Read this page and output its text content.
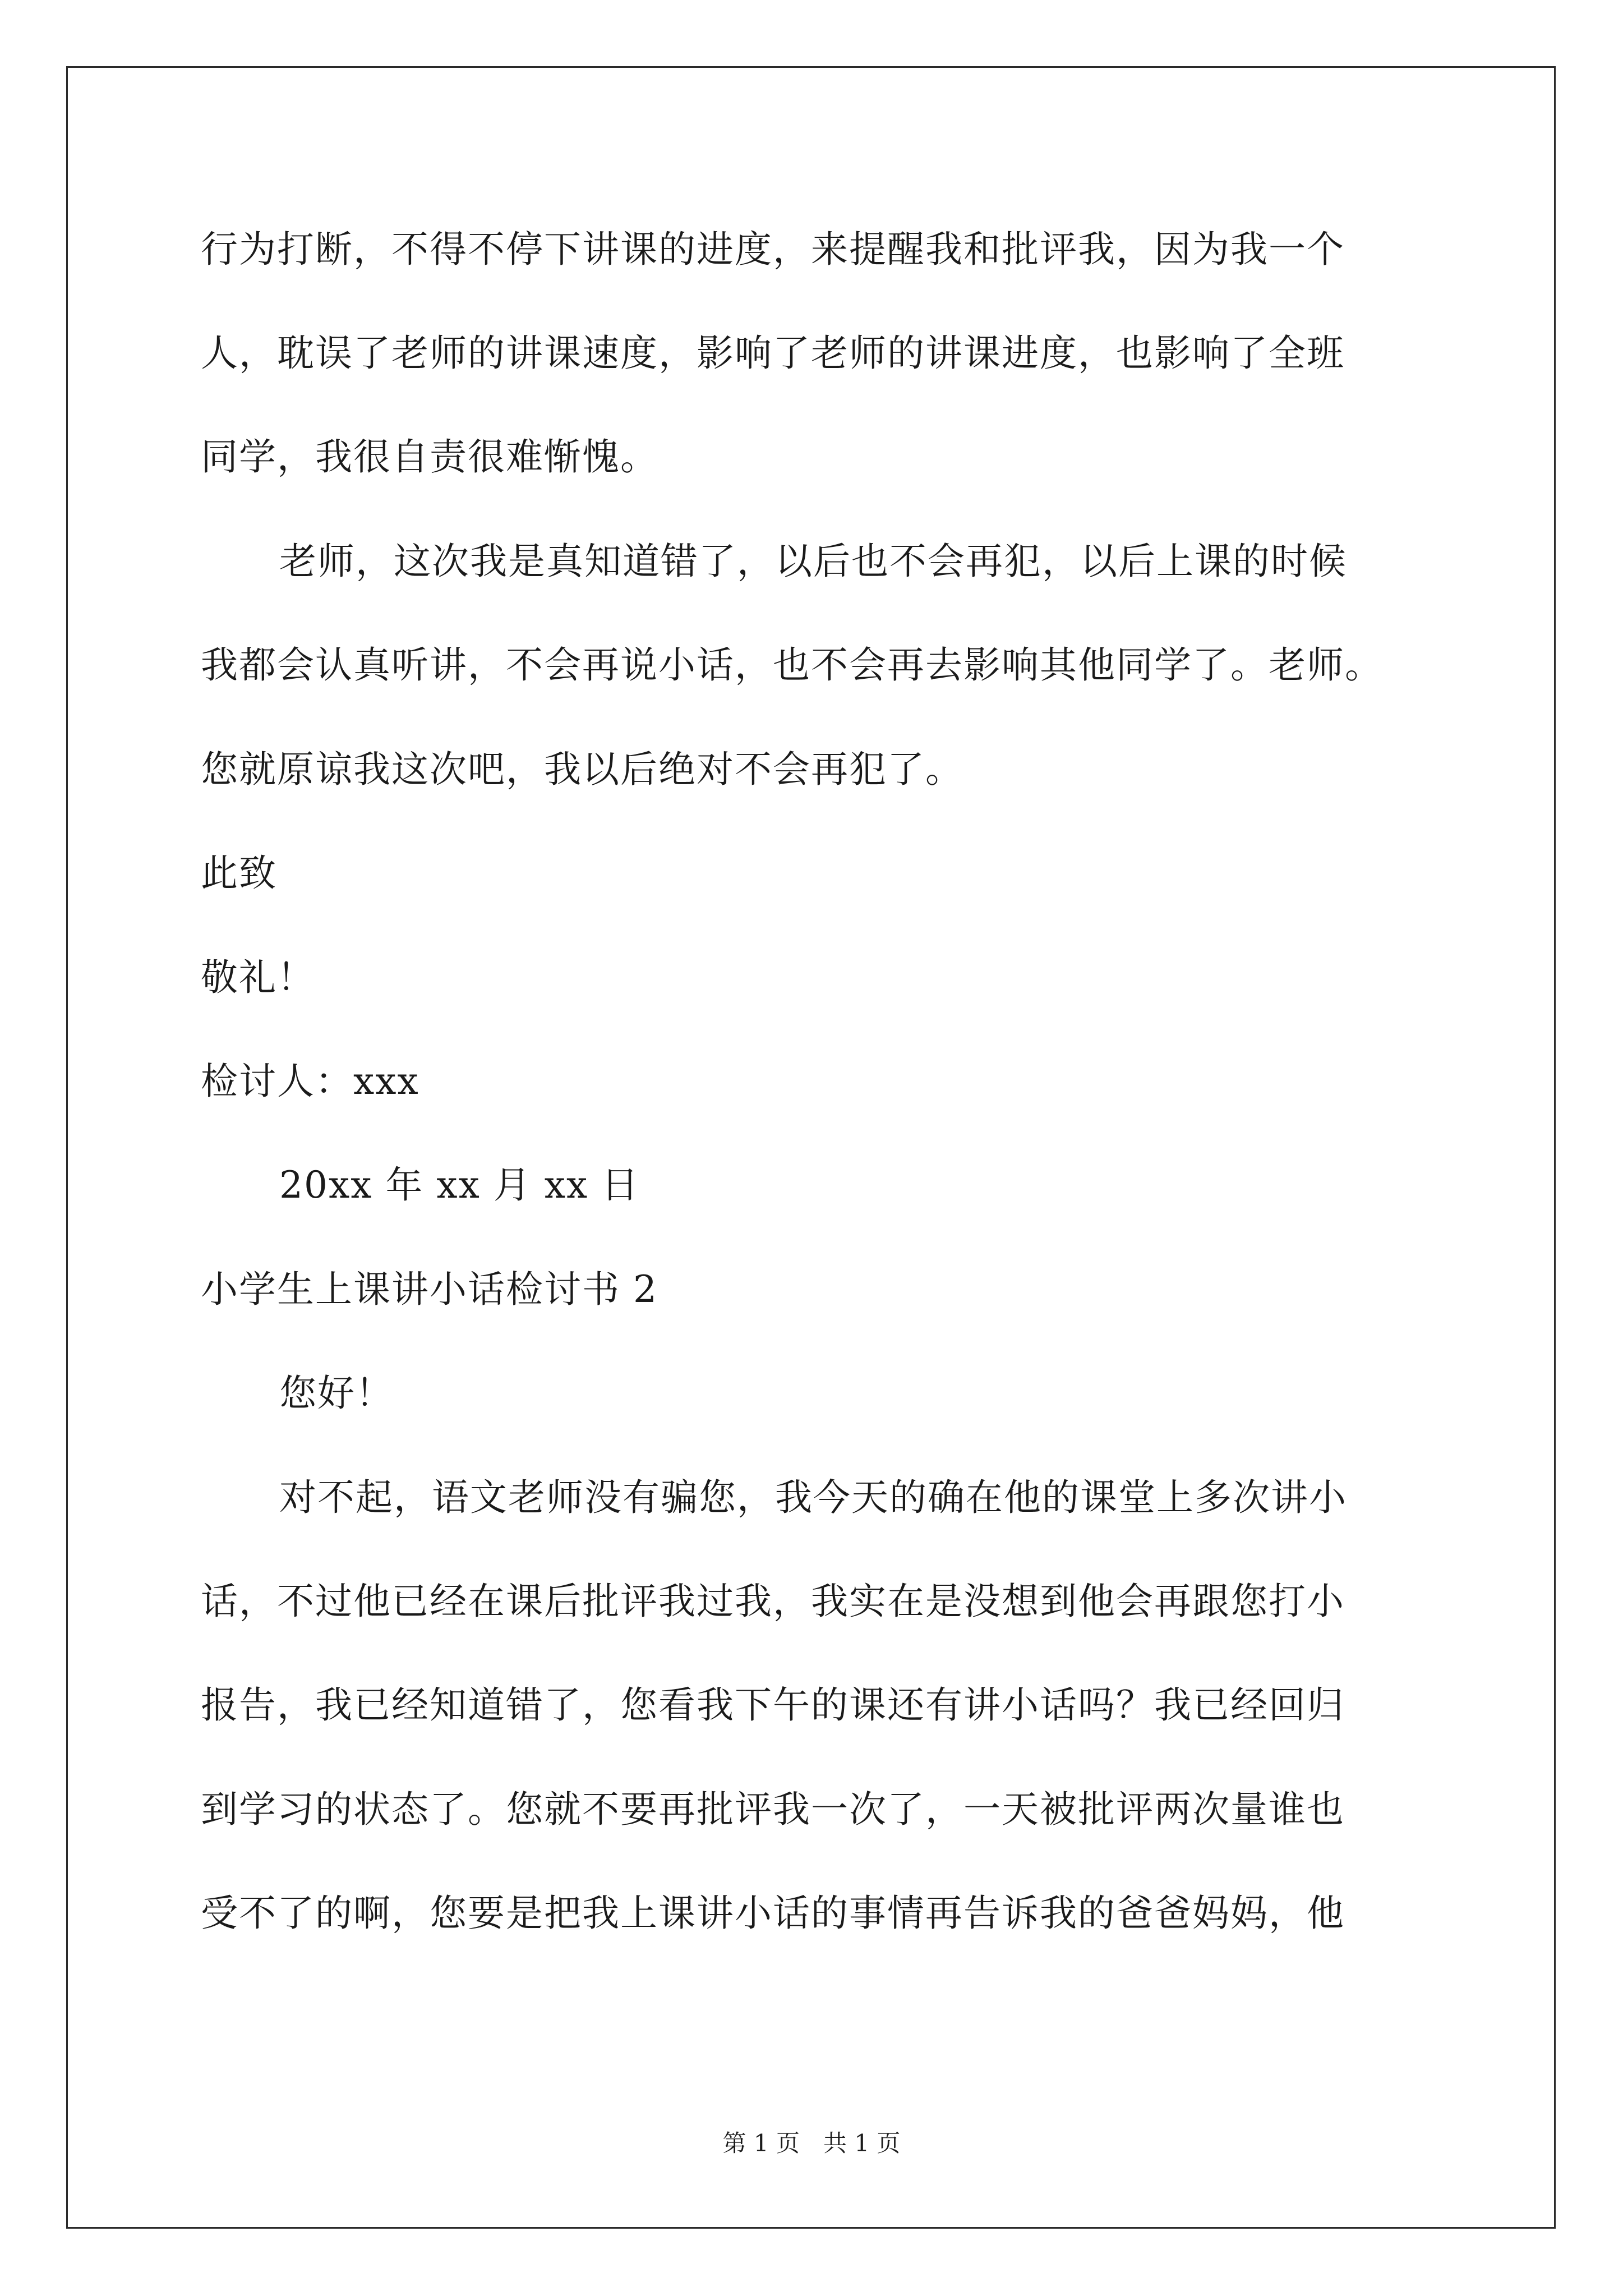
行为打断，不得不停下讲课的进度，来提醒我和批评我，因为我一个
人，耽误了老师的讲课速度，影响了老师的讲课进度，也影响了全班
同学，我很自责很难惭愧。
老师，这次我是真知道错了，以后也不会再犯，以后上课的时候
我都会认真听讲，不会再说小话，也不会再去影响其他同学了。老师。
您就原谅我这次吧，我以后绝对不会再犯了。
此致
敬礼！
检讨人：xxx
20xx 年 xx 月 xx 日
小学生上课讲小话检讨书 2
您好！
对不起，语文老师没有骗您，我今天的确在他的课堂上多次讲小
话，不过他已经在课后批评我过我，我实在是没想到他会再跟您打小
报告，我已经知道错了，您看我下午的课还有讲小话吗？我已经回归
到学习的状态了。您就不要再批评我一次了，一天被批评两次量谁也
受不了的啊，您要是把我上课讲小话的事情再告诉我的爸爸妈妈，他
第 1 页　共 1 页
